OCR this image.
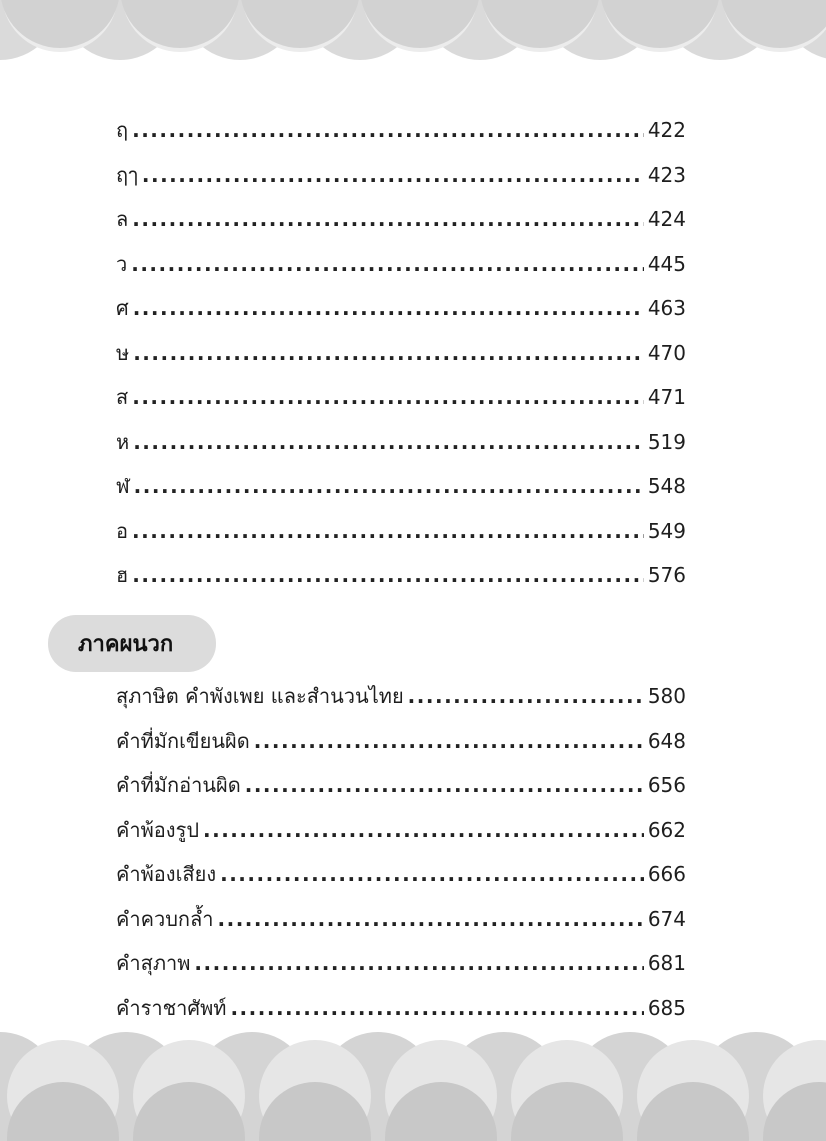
ฤ .....	422
ฤๅ .....	423
ล .....	424
ว .....	445
ศ .....	463
ษ .....	470
ส .....	471
ห .....	519
ฬ .....	548
อ .....	549
ฮ .....	576
ภาคผนวก
สุภาษิต คำพังเพย และสำนวนไทย .....	580
คำที่มักเขียนผิด .....	648
คำที่มักอ่านผิด .....	656
คำพ้องรูป .....	662
คำพ้องเสียง .....	666
คำควบกล้ำ .....	674
คำสุภาพ .....	681
คำราชาศัพท์ .....	685
